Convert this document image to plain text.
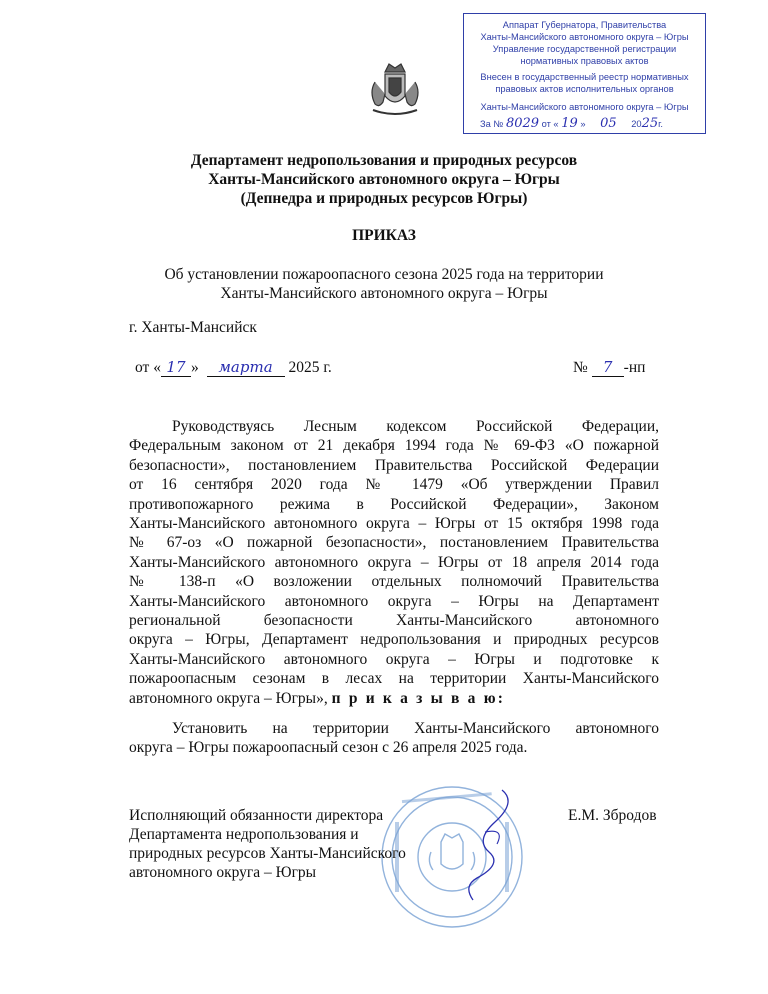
Аппарат Губернатора, Правительства
Ханты-Мансийского автономного округа – Югры
Управление государственной регистрации
нормативных правовых актов
Внесен в государственный реестр нормативных
правовых актов исполнительных органов
Ханты-Мансийского автономного округа – Югры
За № 8029 от « 19 » 05 2025г.
Департамент недропользования и природных ресурсов
Ханты-Мансийского автономного округа – Югры
(Депнедра и природных ресурсов Югры)
ПРИКАЗ
Об установлении пожароопасного сезона 2025 года на территории
Ханты-Мансийского автономного округа – Югры
г. Ханты-Мансийск
от « 17 » марта 2025 г.	№ 7 -нп
Руководствуясь Лесным кодексом Российской Федерации,
Федеральным законом от 21 декабря 1994 года № 69-ФЗ «О пожарной
безопасности», постановлением Правительства Российской Федерации
от 16 сентября 2020 года № 1479 «Об утверждении Правил
противопожарного режима в Российской Федерации», Законом
Ханты-Мансийского автономного округа – Югры от 15 октября 1998 года
№ 67-оз «О пожарной безопасности», постановлением Правительства
Ханты-Мансийского автономного округа – Югры от 18 апреля 2014 года
№ 138-п «О возложении отдельных полномочий Правительства
Ханты-Мансийского автономного округа – Югры на Департамент
региональной безопасности Ханты-Мансийского автономного
округа – Югры, Департамент недропользования и природных ресурсов
Ханты-Мансийского автономного округа – Югры и подготовке к
пожароопасным сезонам в лесах на территории Ханты-Мансийского
автономного округа – Югры», п р и к а з ы в а ю:
Установить на территории Ханты-Мансийского автономного
округа – Югры пожароопасный сезон с 26 апреля 2025 года.
Исполняющий обязанности директора
Департамента недропользования и
природных ресурсов Ханты-Мансийского
автономного округа – Югры
Е.М. Збродов
